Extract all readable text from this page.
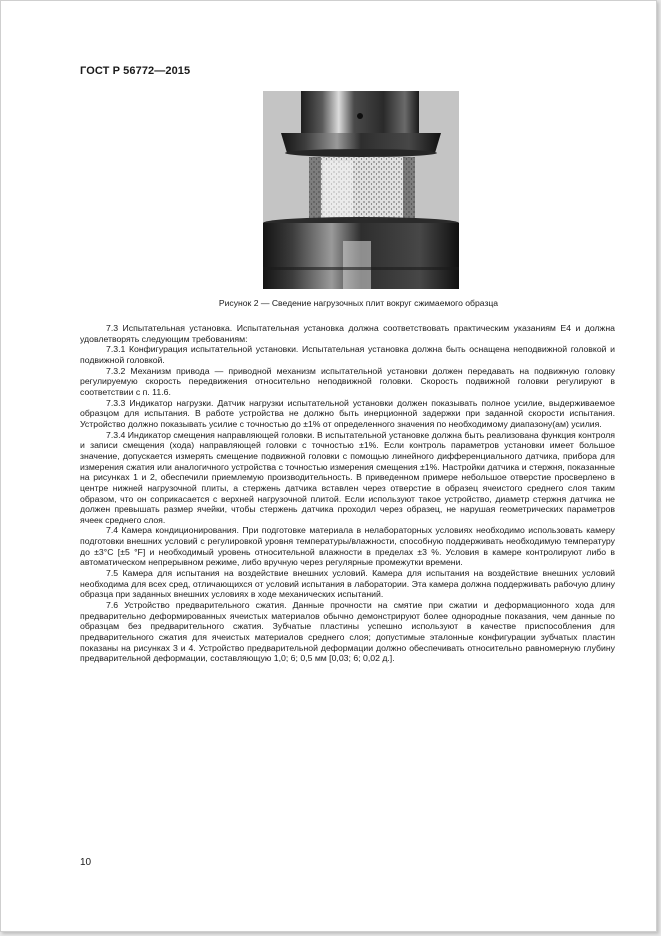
ГОСТ Р 56772—2015
Рисунок 2 — Сведение нагрузочных плит вокруг сжимаемого образца

7.3 Испытательная установка. Испытательная установка должна соответствовать практическим указаниям E4 и должна удовлетворять следующим требованиям:

7.3.1 Конфигурация испытательной установки. Испытательная установка должна быть оснащена неподвижной головкой и подвижной головкой.

7.3.2 Механизм привода — приводной механизм испытательной установки должен передавать на подвижную головку регулируемую скорость передвижения относительно неподвижной головки. Скорость подвижной головки регулируют в соответствии с п. 11.6.

7.3.3 Индикатор нагрузки. Датчик нагрузки испытательной установки должен показывать полное усилие, выдерживаемое образцом для испытания. В работе устройства не должно быть инерционной задержки при заданной скорости испытания. Устройство должно показывать усилие с точностью до ±1% от определенного значения по необходимому диапазону(ам) усилия.

7.3.4 Индикатор смещения направляющей головки. В испытательной установке должна быть реализована функция контроля и записи смещения (хода) направляющей головки с точностью ±1%. Если контроль параметров установки имеет большое значение, допускается измерять смещение подвижной головки с помощью линейного дифференциального датчика, прибора для измерения сжатия или аналогичного устройства с точностью измерения смещения ±1%. Настройки датчика и стержня, показанные на рисунках 1 и 2, обеспечили приемлемую производительность. В приведенном примере небольшое отверстие просверлено в центре нижней нагрузочной плиты, а стержень датчика вставлен через отверстие в образец ячеистого среднего слоя таким образом, что он соприкасается с верхней нагрузочной плитой. Если используют такое устройство, диаметр стержня датчика не должен превышать размер ячейки, чтобы стержень датчика проходил через образец, не нарушая геометрических параметров ячеек среднего слоя.

7.4 Камера кондиционирования. При подготовке материала в нелабораторных условиях необходимо использовать камеру подготовки внешних условий с регулировкой уровня температуры/влажности, способную поддерживать необходимую температуру до ±3°С [±5 °F] и необходимый уровень относительной влажности в пределах ±3 %. Условия в камере контролируют либо в автоматическом непрерывном режиме, либо вручную через регулярные промежутки времени.

7.5 Камера для испытания на воздействие внешних условий. Камера для испытания на воздействие внешних условий необходима для всех сред, отличающихся от условий испытания в лаборатории. Эта камера должна поддерживать рабочую длину образца при заданных внешних условиях в ходе механических испытаний.

7.6 Устройство предварительного сжатия. Данные прочности на смятие при сжатии и деформационного хода для предварительно деформированных ячеистых материалов обычно демонстрируют более однородные показания, чем данные по образцам без предварительного сжатия. Зубчатые пластины успешно используют в качестве приспособления для предварительного сжатия для ячеистых материалов среднего слоя; допустимые эталонные конфигурации зубчатых пластин показаны на рисунках 3 и 4. Устройство предварительной деформации должно обеспечивать относительно равномерную глубину предварительной деформации, составляющую 1,0; 6; 0,5 мм [0,03; 6; 0,02 д.].

10
